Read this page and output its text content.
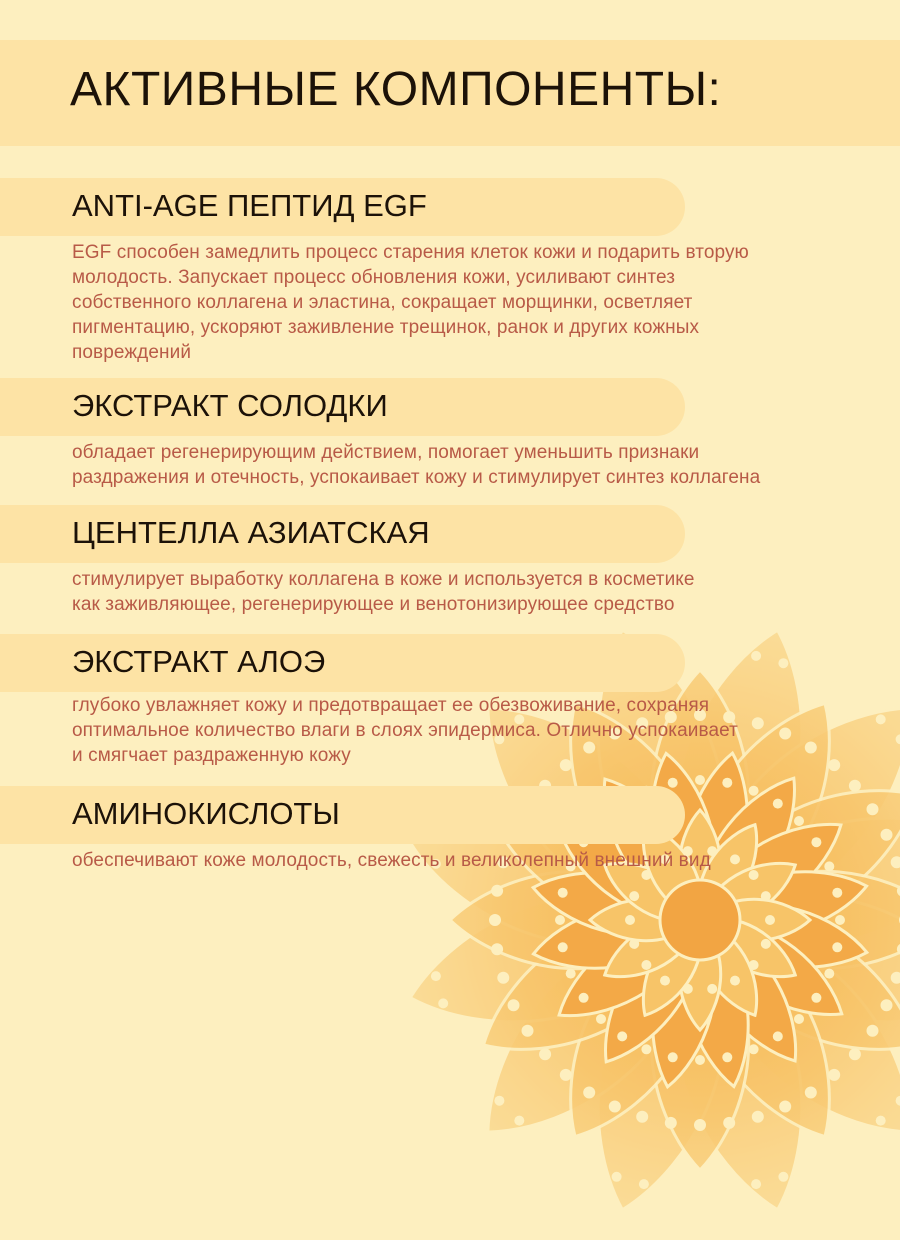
АКТИВНЫЕ КОМПОНЕНТЫ:
ANTI-AGE ПЕПТИД EGF

EGF способен замедлить процесс старения клеток кожи и подарить вторую
молодость. Запускает процесс обновления кожи, усиливают синтез
собственного коллагена и эластина, сокращает морщинки, осветляет
пигментацию, ускоряют заживление трещинок, ранок и других кожных
повреждений

ЭКСТРАКТ СОЛОДКИ

обладает регенерирующим действием, помогает уменьшить признаки
раздражения и отечность, успокаивает кожу и стимулирует синтез коллагена

ЦЕНТЕЛЛА АЗИАТСКАЯ

стимулирует выработку коллагена в коже и используется в косметике
как заживляющее, регенерирующее и венотонизирующее средство

ЭКСТРАКТ АЛОЭ

глубоко увлажняет кожу и предотвращает ее обезвоживание, сохраняя
оптимальное количество влаги в слоях эпидермиса. Отлично успокаивает
и смягчает раздраженную кожу

АМИНОКИСЛОТЫ

обеспечивают коже молодость, свежесть и великолепный внешний вид
